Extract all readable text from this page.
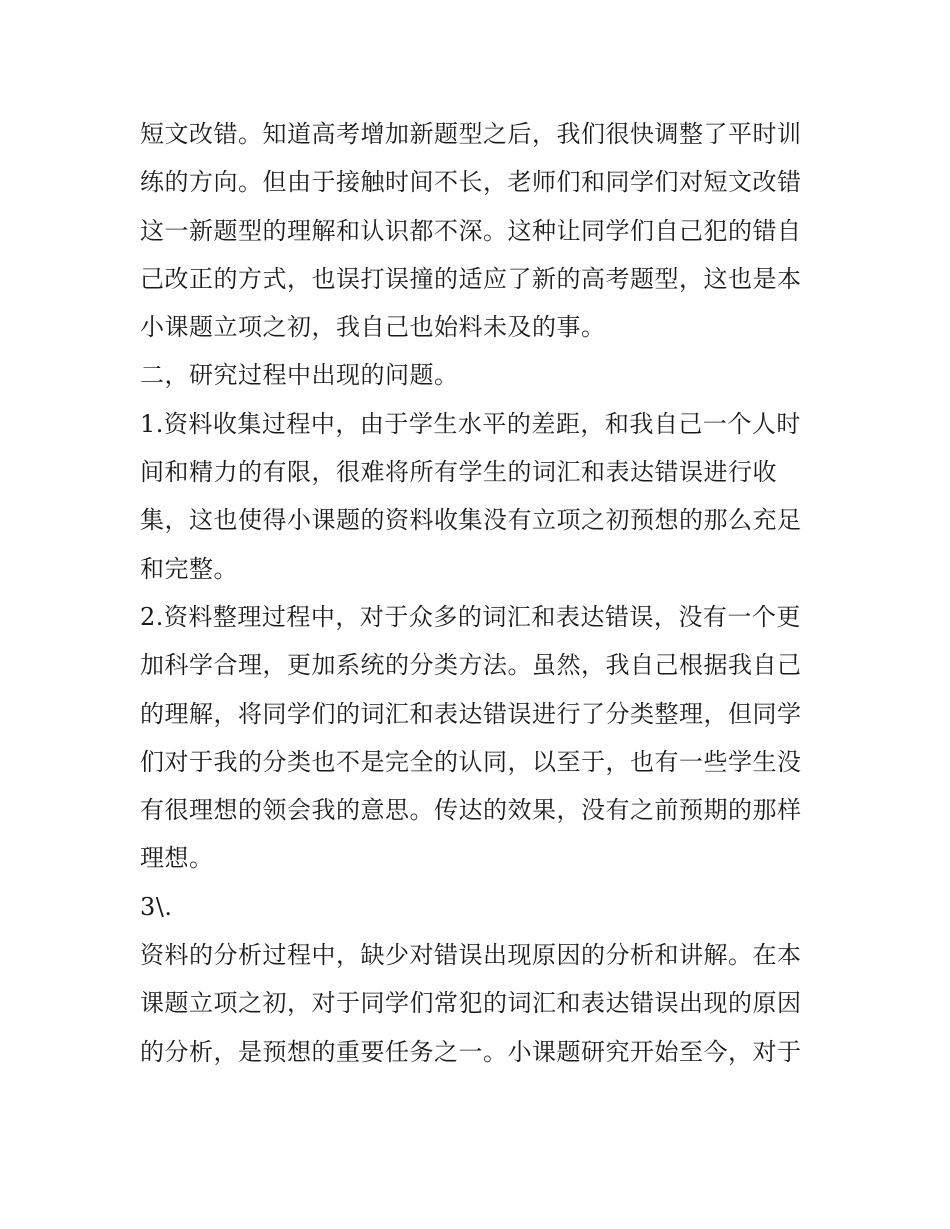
短文改错。知道高考增加新题型之后，我们很快调整了平时训
练的方向。但由于接触时间不长，老师们和同学们对短文改错
这一新题型的理解和认识都不深。这种让同学们自己犯的错自
己改正的方式，也误打误撞的适应了新的高考题型，这也是本
小课题立项之初，我自己也始料未及的事。
二，研究过程中出现的问题。
1.资料收集过程中，由于学生水平的差距，和我自己一个人时
间和精力的有限，很难将所有学生的词汇和表达错误进行收
集，这也使得小课题的资料收集没有立项之初预想的那么充足
和完整。
2.资料整理过程中，对于众多的词汇和表达错误，没有一个更
加科学合理，更加系统的分类方法。虽然，我自己根据我自己
的理解，将同学们的词汇和表达错误进行了分类整理，但同学
们对于我的分类也不是完全的认同，以至于，也有一些学生没
有很理想的领会我的意思。传达的效果，没有之前预期的那样
理想。
3\.
资料的分析过程中，缺少对错误出现原因的分析和讲解。在本
课题立项之初，对于同学们常犯的词汇和表达错误出现的原因
的分析，是预想的重要任务之一。小课题研究开始至今，对于
